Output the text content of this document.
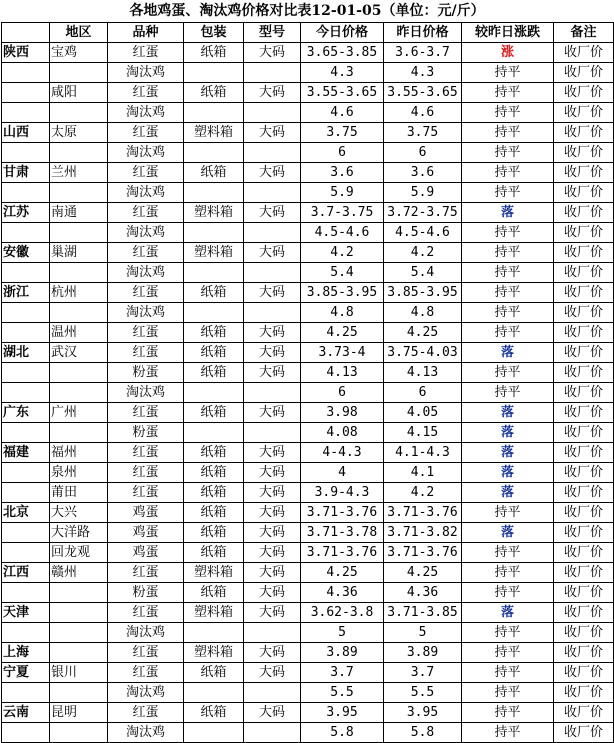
各地鸡蛋、淘汰鸡价格对比表12-01-05（单位：元/斤）
	地区	品种	包装	型号	今日价格	昨日价格	较昨日涨跌	备注
陕西	宝鸡	红蛋	纸箱	大码	3.65-3.85	3.6-3.7	涨	收厂价
		淘汰鸡			4.3	4.3	持平	收厂价
	咸阳	红蛋	纸箱	大码	3.55-3.65	3.55-3.65	持平	收厂价
		淘汰鸡			4.6	4.6	持平	收厂价
山西	太原	红蛋	塑料箱	大码	3.75	3.75	持平	收厂价
		淘汰鸡			6	6	持平	收厂价
甘肃	兰州	红蛋	纸箱	大码	3.6	3.6	持平	收厂价
		淘汰鸡			5.9	5.9	持平	收厂价
江苏	南通	红蛋	塑料箱	大码	3.7-3.75	3.72-3.75	落	收厂价
		淘汰鸡			4.5-4.6	4.5-4.6	持平	收厂价
安徽	巢湖	红蛋	塑料箱	大码	4.2	4.2	持平	收厂价
		淘汰鸡			5.4	5.4	持平	收厂价
浙江	杭州	红蛋	纸箱	大码	3.85-3.95	3.85-3.95	持平	收厂价
		淘汰鸡			4.8	4.8	持平	收厂价
	温州	红蛋	纸箱	大码	4.25	4.25	持平	收厂价
湖北	武汉	红蛋	纸箱	大码	3.73-4	3.75-4.03	落	收厂价
		粉蛋	纸箱	大码	4.13	4.13	持平	收厂价
		淘汰鸡			6	6	持平	收厂价
广东	广州	红蛋	纸箱	大码	3.98	4.05	落	收厂价
		粉蛋			4.08	4.15	落	收厂价
福建	福州	红蛋	纸箱	大码	4-4.3	4.1-4.3	落	收厂价
	泉州	红蛋	纸箱	大码	4	4.1	落	收厂价
	莆田	红蛋	纸箱	大码	3.9-4.3	4.2	落	收厂价
北京	大兴	鸡蛋	纸箱	大码	3.71-3.76	3.71-3.76	持平	收厂价
	大洋路	鸡蛋	纸箱	大码	3.71-3.78	3.71-3.82	落	收厂价
	回龙观	鸡蛋	纸箱	大码	3.71-3.76	3.71-3.76	持平	收厂价
江西	赣州	红蛋	塑料箱	大码	4.25	4.25	持平	收厂价
		粉蛋	纸箱	大码	4.36	4.36	持平	收厂价
天津		红蛋	塑料箱	大码	3.62-3.8	3.71-3.85	落	收厂价
		淘汰鸡			5	5	持平	收厂价
上海		红蛋	塑料箱	大码	3.89	3.89	持平	收厂价
宁夏	银川	红蛋	纸箱	大码	3.7	3.7	持平	收厂价
		淘汰鸡			5.5	5.5	持平	收厂价
云南	昆明	红蛋	纸箱	大码	3.95	3.95	持平	收厂价
		淘汰鸡			5.8	5.8	持平	收厂价
